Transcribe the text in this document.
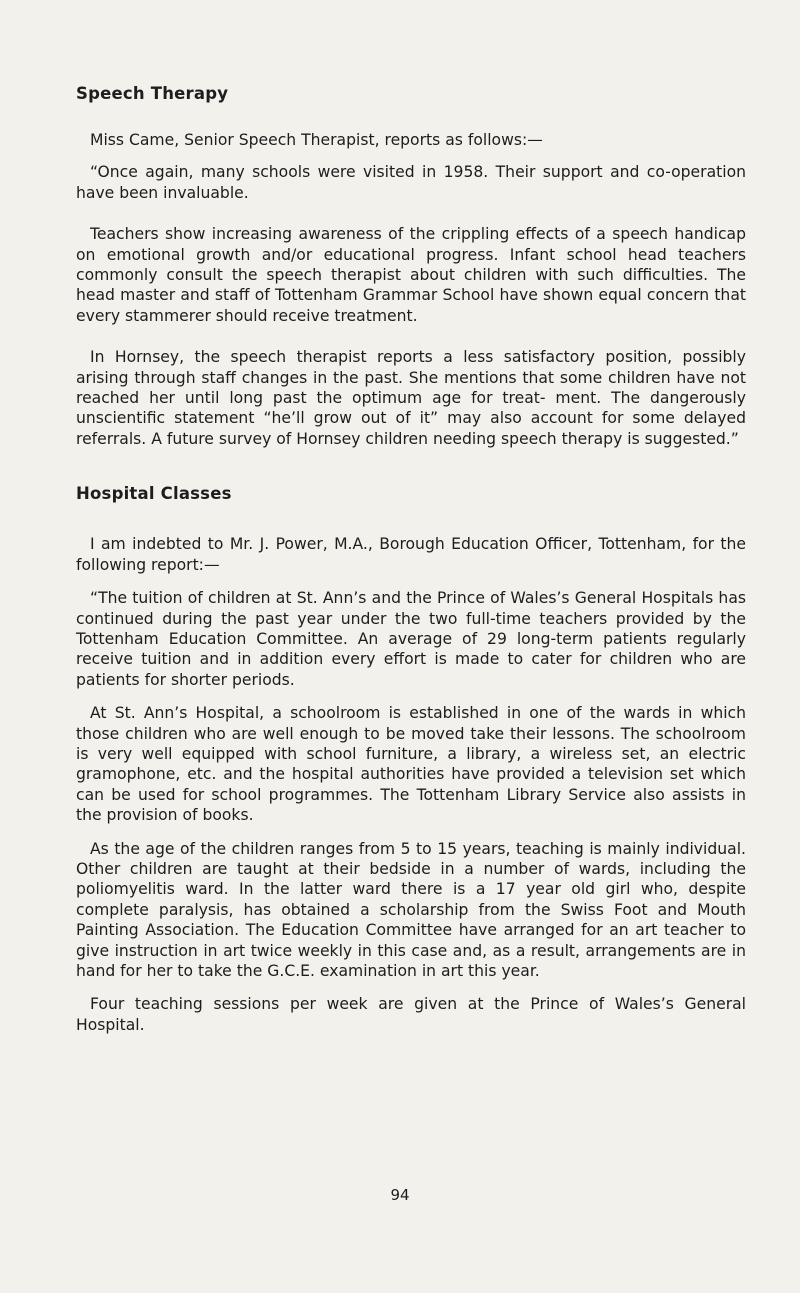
Speech Therapy

Miss Came, Senior Speech Therapist, reports as follows:—

“Once again, many schools were visited in 1958. Their support and co-operation have been invaluable.

Teachers show increasing awareness of the crippling effects of a speech handicap on emotional growth and/or educational progress. Infant school head teachers commonly consult the speech therapist about children with such difficulties. The head master and staff of Tottenham Grammar School have shown equal concern that every stammerer should receive treatment.

In Hornsey, the speech therapist reports a less satisfactory position, possibly arising through staff changes in the past. She mentions that some children have not reached her until long past the optimum age for treat- ment. The dangerously unscientific statement “he’ll grow out of it” may also account for some delayed referrals. A future survey of Hornsey children needing speech therapy is suggested.”

Hospital Classes

I am indebted to Mr. J. Power, M.A., Borough Education Officer, Tottenham, for the following report:—

“The tuition of children at St. Ann’s and the Prince of Wales’s General Hospitals has continued during the past year under the two full-time teachers provided by the Tottenham Education Committee. An average of 29 long-term patients regularly receive tuition and in addition every effort is made to cater for children who are patients for shorter periods.

At St. Ann’s Hospital, a schoolroom is established in one of the wards in which those children who are well enough to be moved take their lessons. The schoolroom is very well equipped with school furniture, a library, a wireless set, an electric gramophone, etc. and the hospital authorities have provided a television set which can be used for school programmes. The Tottenham Library Service also assists in the provision of books.

As the age of the children ranges from 5 to 15 years, teaching is mainly individual. Other children are taught at their bedside in a number of wards, including the poliomyelitis ward. In the latter ward there is a 17 year old girl who, despite complete paralysis, has obtained a scholarship from the Swiss Foot and Mouth Painting Association. The Education Committee have arranged for an art teacher to give instruction in art twice weekly in this case and, as a result, arrangements are in hand for her to take the G.C.E. examination in art this year.

Four teaching sessions per week are given at the Prince of Wales’s General Hospital.

94
